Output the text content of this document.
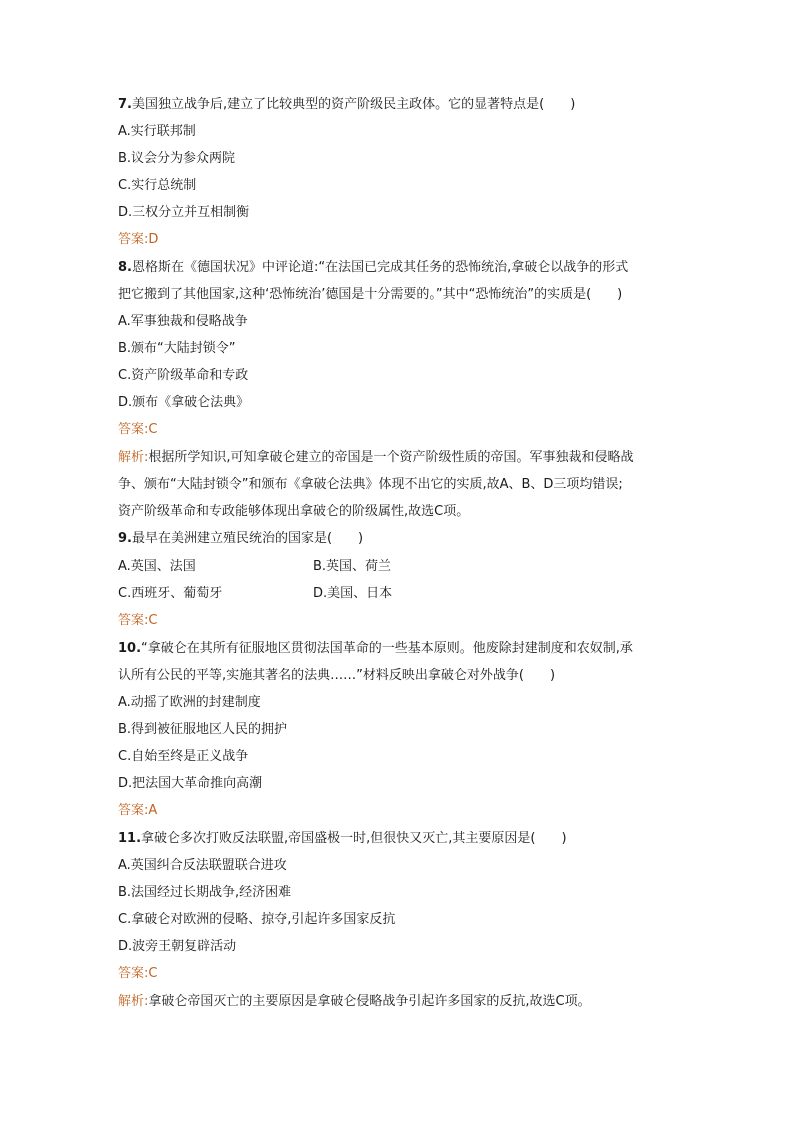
7.美国独立战争后,建立了比较典型的资产阶级民主政体。它的显著特点是(　　)
A.实行联邦制
B.议会分为参众两院
C.实行总统制
D.三权分立并互相制衡
答案:D
8.恩格斯在《德国状况》中评论道:“在法国已完成其任务的恐怖统治,拿破仑以战争的形式
把它搬到了其他国家,这种‘恐怖统治’德国是十分需要的。”其中“恐怖统治”的实质是(　　)
A.军事独裁和侵略战争
B.颁布“大陆封锁令”
C.资产阶级革命和专政
D.颁布《拿破仑法典》
答案:C
解析:根据所学知识,可知拿破仑建立的帝国是一个资产阶级性质的帝国。军事独裁和侵略战
争、颁布“大陆封锁令”和颁布《拿破仑法典》体现不出它的实质,故A、B、D三项均错误;
资产阶级革命和专政能够体现出拿破仑的阶级属性,故选C项。
9.最早在美洲建立殖民统治的国家是(　　)
A.英国、法国	B.英国、荷兰
C.西班牙、葡萄牙	D.美国、日本
答案:C
10.“拿破仑在其所有征服地区贯彻法国革命的一些基本原则。他废除封建制度和农奴制,承
认所有公民的平等,实施其著名的法典……”材料反映出拿破仑对外战争(　　)
A.动摇了欧洲的封建制度
B.得到被征服地区人民的拥护
C.自始至终是正义战争
D.把法国大革命推向高潮
答案:A
11.拿破仑多次打败反法联盟,帝国盛极一时,但很快又灭亡,其主要原因是(　　)
A.英国纠合反法联盟联合进攻
B.法国经过长期战争,经济困难
C.拿破仑对欧洲的侵略、掠夺,引起许多国家反抗
D.波旁王朝复辟活动
答案:C
解析:拿破仑帝国灭亡的主要原因是拿破仑侵略战争引起许多国家的反抗,故选C项。
